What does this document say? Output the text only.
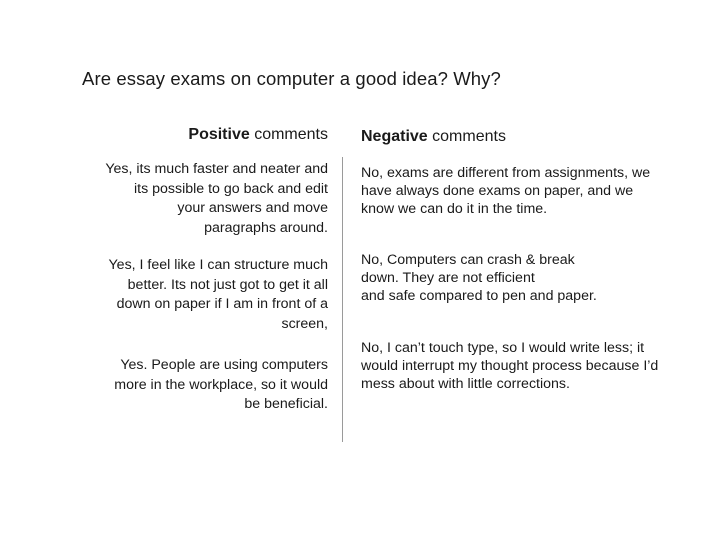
Are essay exams on computer a good idea? Why?
Positive comments Negative comments
Yes, its much faster and neater and
its possible to go back and edit
your answers and move
paragraphs around.
Yes, I feel like I can structure much
better. Its not just got to get it all
down on paper if I am in front of a
screen,
Yes. People are using computers
more in the workplace, so it would
be beneficial.
No, exams are different from assignments, we
have always done exams on paper, and we
know we can do it in the time.
No, Computers can crash & break
down. They are not efficient
and safe compared to pen and paper.
No, I can’t touch type, so I would write less; it
would interrupt my thought process because I’d
mess about with little corrections.
